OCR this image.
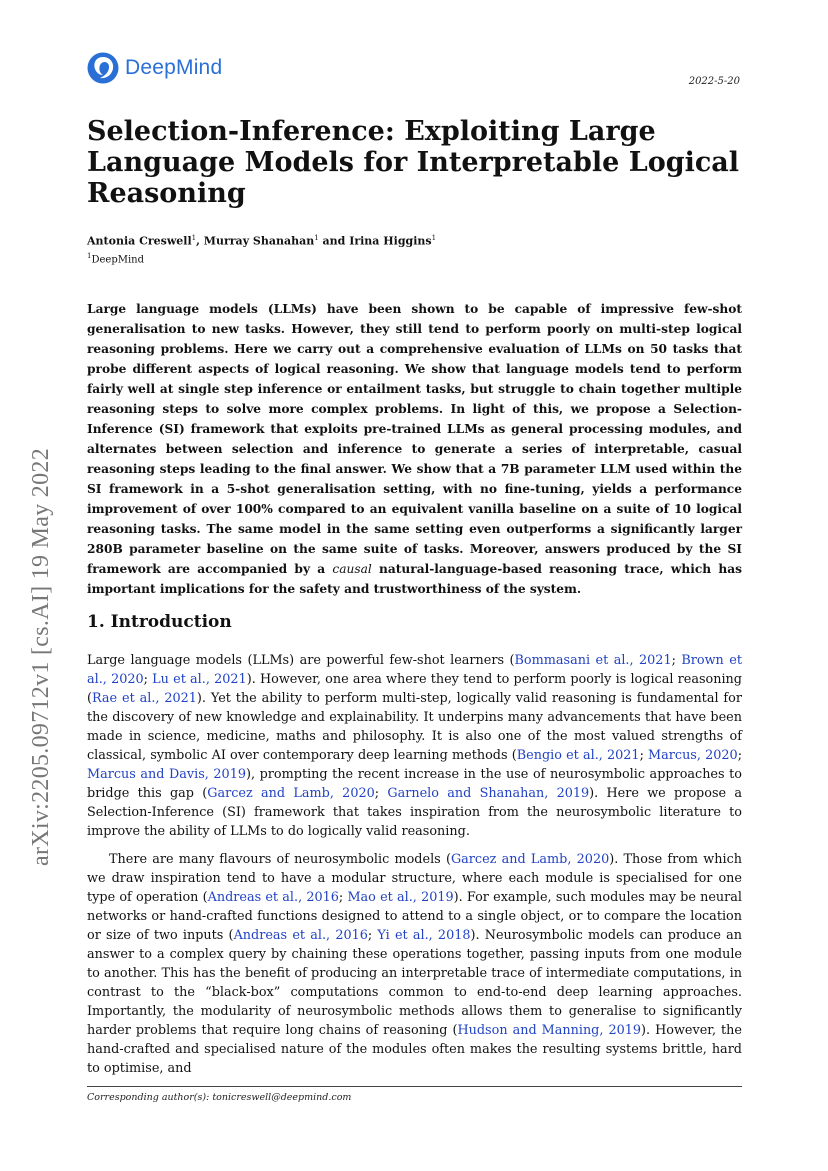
DeepMind
2022-5-20
arXiv:2205.09712v1 [cs.AI] 19 May 2022
Selection-Inference: Exploiting Large Language Models for Interpretable Logical Reasoning
Antonia Creswell$^1$, Murray Shanahan$^1$ and Irina Higgins$^1$
$^1$DeepMind

Large language models (LLMs) have been shown to be capable of impressive few-shot generalisation to new tasks. However, they still tend to perform poorly on multi-step logical reasoning problems. Here we carry out a comprehensive evaluation of LLMs on 50 tasks that probe different aspects of logical reasoning. We show that language models tend to perform fairly well at single step inference or entailment tasks, but struggle to chain together multiple reasoning steps to solve more complex problems. In light of this, we propose a Selection-Inference (SI) framework that exploits pre-trained LLMs as general processing modules, and alternates between selection and inference to generate a series of interpretable, casual reasoning steps leading to the final answer. We show that a 7B parameter LLM used within the SI framework in a 5-shot generalisation setting, with no fine-tuning, yields a performance improvement of over 100% compared to an equivalent vanilla baseline on a suite of 10 logical reasoning tasks. The same model in the same setting even outperforms a significantly larger 280B parameter baseline on the same suite of tasks. Moreover, answers produced by the SI framework are accompanied by a causal natural-language-based reasoning trace, which has important implications for the safety and trustworthiness of the system.

1. Introduction

Large language models (LLMs) are powerful few-shot learners (Bommasani et al., 2021; Brown et al., 2020; Lu et al., 2021). However, one area where they tend to perform poorly is logical reasoning (Rae et al., 2021). Yet the ability to perform multi-step, logically valid reasoning is fundamental for the discovery of new knowledge and explainability. It underpins many advancements that have been made in science, medicine, maths and philosophy. It is also one of the most valued strengths of classical, symbolic AI over contemporary deep learning methods (Bengio et al., 2021; Marcus, 2020; Marcus and Davis, 2019), prompting the recent increase in the use of neurosymbolic approaches to bridge this gap (Garcez and Lamb, 2020; Garnelo and Shanahan, 2019). Here we propose a Selection-Inference (SI) framework that takes inspiration from the neurosymbolic literature to improve the ability of LLMs to do logically valid reasoning.

There are many flavours of neurosymbolic models (Garcez and Lamb, 2020). Those from which we draw inspiration tend to have a modular structure, where each module is specialised for one type of operation (Andreas et al., 2016; Mao et al., 2019). For example, such modules may be neural networks or hand-crafted functions designed to attend to a single object, or to compare the location or size of two inputs (Andreas et al., 2016; Yi et al., 2018). Neurosymbolic models can produce an answer to a complex query by chaining these operations together, passing inputs from one module to another. This has the benefit of producing an interpretable trace of intermediate computations, in contrast to the “black-box” computations common to end-to-end deep learning approaches. Importantly, the modularity of neurosymbolic methods allows them to generalise to significantly harder problems that require long chains of reasoning (Hudson and Manning, 2019). However, the hand-crafted and specialised nature of the modules often makes the resulting systems brittle, hard to optimise, and

Corresponding author(s): tonicreswell@deepmind.com
